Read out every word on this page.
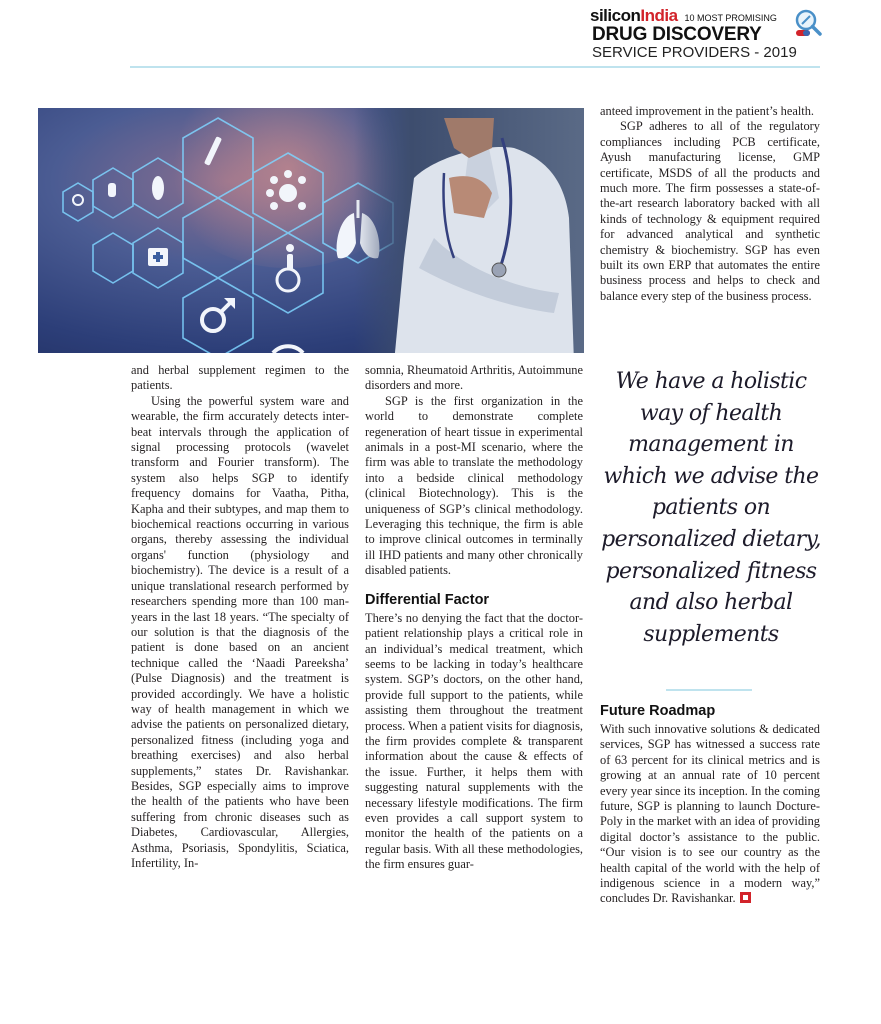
siliconIndia 10 MOST PROMISING
DRUG DISCOVERY
SERVICE PROVIDERS - 2019

anteed improvement in the patient’s health.

SGP adheres to all of the regulatory compliances including PCB certificate, Ayush manufacturing license, GMP certificate, MSDS of all the products and much more. The firm possesses a state-of-the-art research laboratory backed with all kinds of technology & equipment required for advanced analytical and synthetic chemistry & biochemistry. SGP has even built its own ERP that automates the entire business process and helps to check and balance every step of the business process.

and herbal supplement regimen to the patients.

Using the powerful system ware and wearable, the firm accurately detects inter-beat intervals through the application of signal processing protocols (wavelet transform and Fourier transform). The system also helps SGP to identify frequency domains for Vaatha, Pitha, Kapha and their subtypes, and map them to biochemical reactions occurring in various organs, thereby assessing the individual organs' function (physiology and biochemistry). The device is a result of a unique translational research performed by researchers spending more than 100 man-years in the last 18 years. “The specialty of our solution is that the diagnosis of the patient is done based on an ancient technique called the ‘Naadi Pareeksha’ (Pulse Diagnosis) and the treatment is provided accordingly. We have a holistic way of health management in which we advise the patients on personalized dietary, personalized fitness (including yoga and breathing exercises) and also herbal supplements,” states Dr. Ravishankar. Besides, SGP especially aims to improve the health of the patients who have been suffering from chronic diseases such as Diabetes, Cardiovascular, Allergies, Asthma, Psoriasis, Spondylitis, Sciatica, Infertility, In-

somnia, Rheumatoid Arthritis, Autoimmune disorders and more.

SGP is the first organization in the world to demonstrate complete regeneration of heart tissue in experimental animals in a post-MI scenario, where the firm was able to translate the methodology into a bedside clinical methodology (clinical Biotechnology). This is the uniqueness of SGP’s clinical methodology. Leveraging this technique, the firm is able to improve clinical outcomes in terminally ill IHD patients and many other chronically disabled patients.

Differential Factor

There’s no denying the fact that the doctor-patient relationship plays a critical role in an individual’s medical treatment, which seems to be lacking in today’s healthcare system. SGP’s doctors, on the other hand, provide full support to the patients, while assisting them throughout the treatment process. When a patient visits for diagnosis, the firm provides complete & transparent information about the cause & effects of the issue. Further, it helps them with suggesting natural supplements with the necessary lifestyle modifications. The firm even provides a call support system to monitor the health of the patients on a regular basis. With all these methodologies, the firm ensures guar-

We have a holistic way of health management in which we advise the patients on personalized dietary, personalized fitness and also herbal supplements
Future Roadmap

With such innovative solutions & dedicated services, SGP has witnessed a success rate of 63 percent for its clinical metrics and is growing at an annual rate of 10 percent every year since its inception. In the coming future, SGP is planning to launch Docture-Poly in the market with an idea of providing digital doctor’s assistance to the public. “Our vision is to see our country as the health capital of the world with the help of indigenous science in a modern way,” concludes Dr. Ravishankar.
